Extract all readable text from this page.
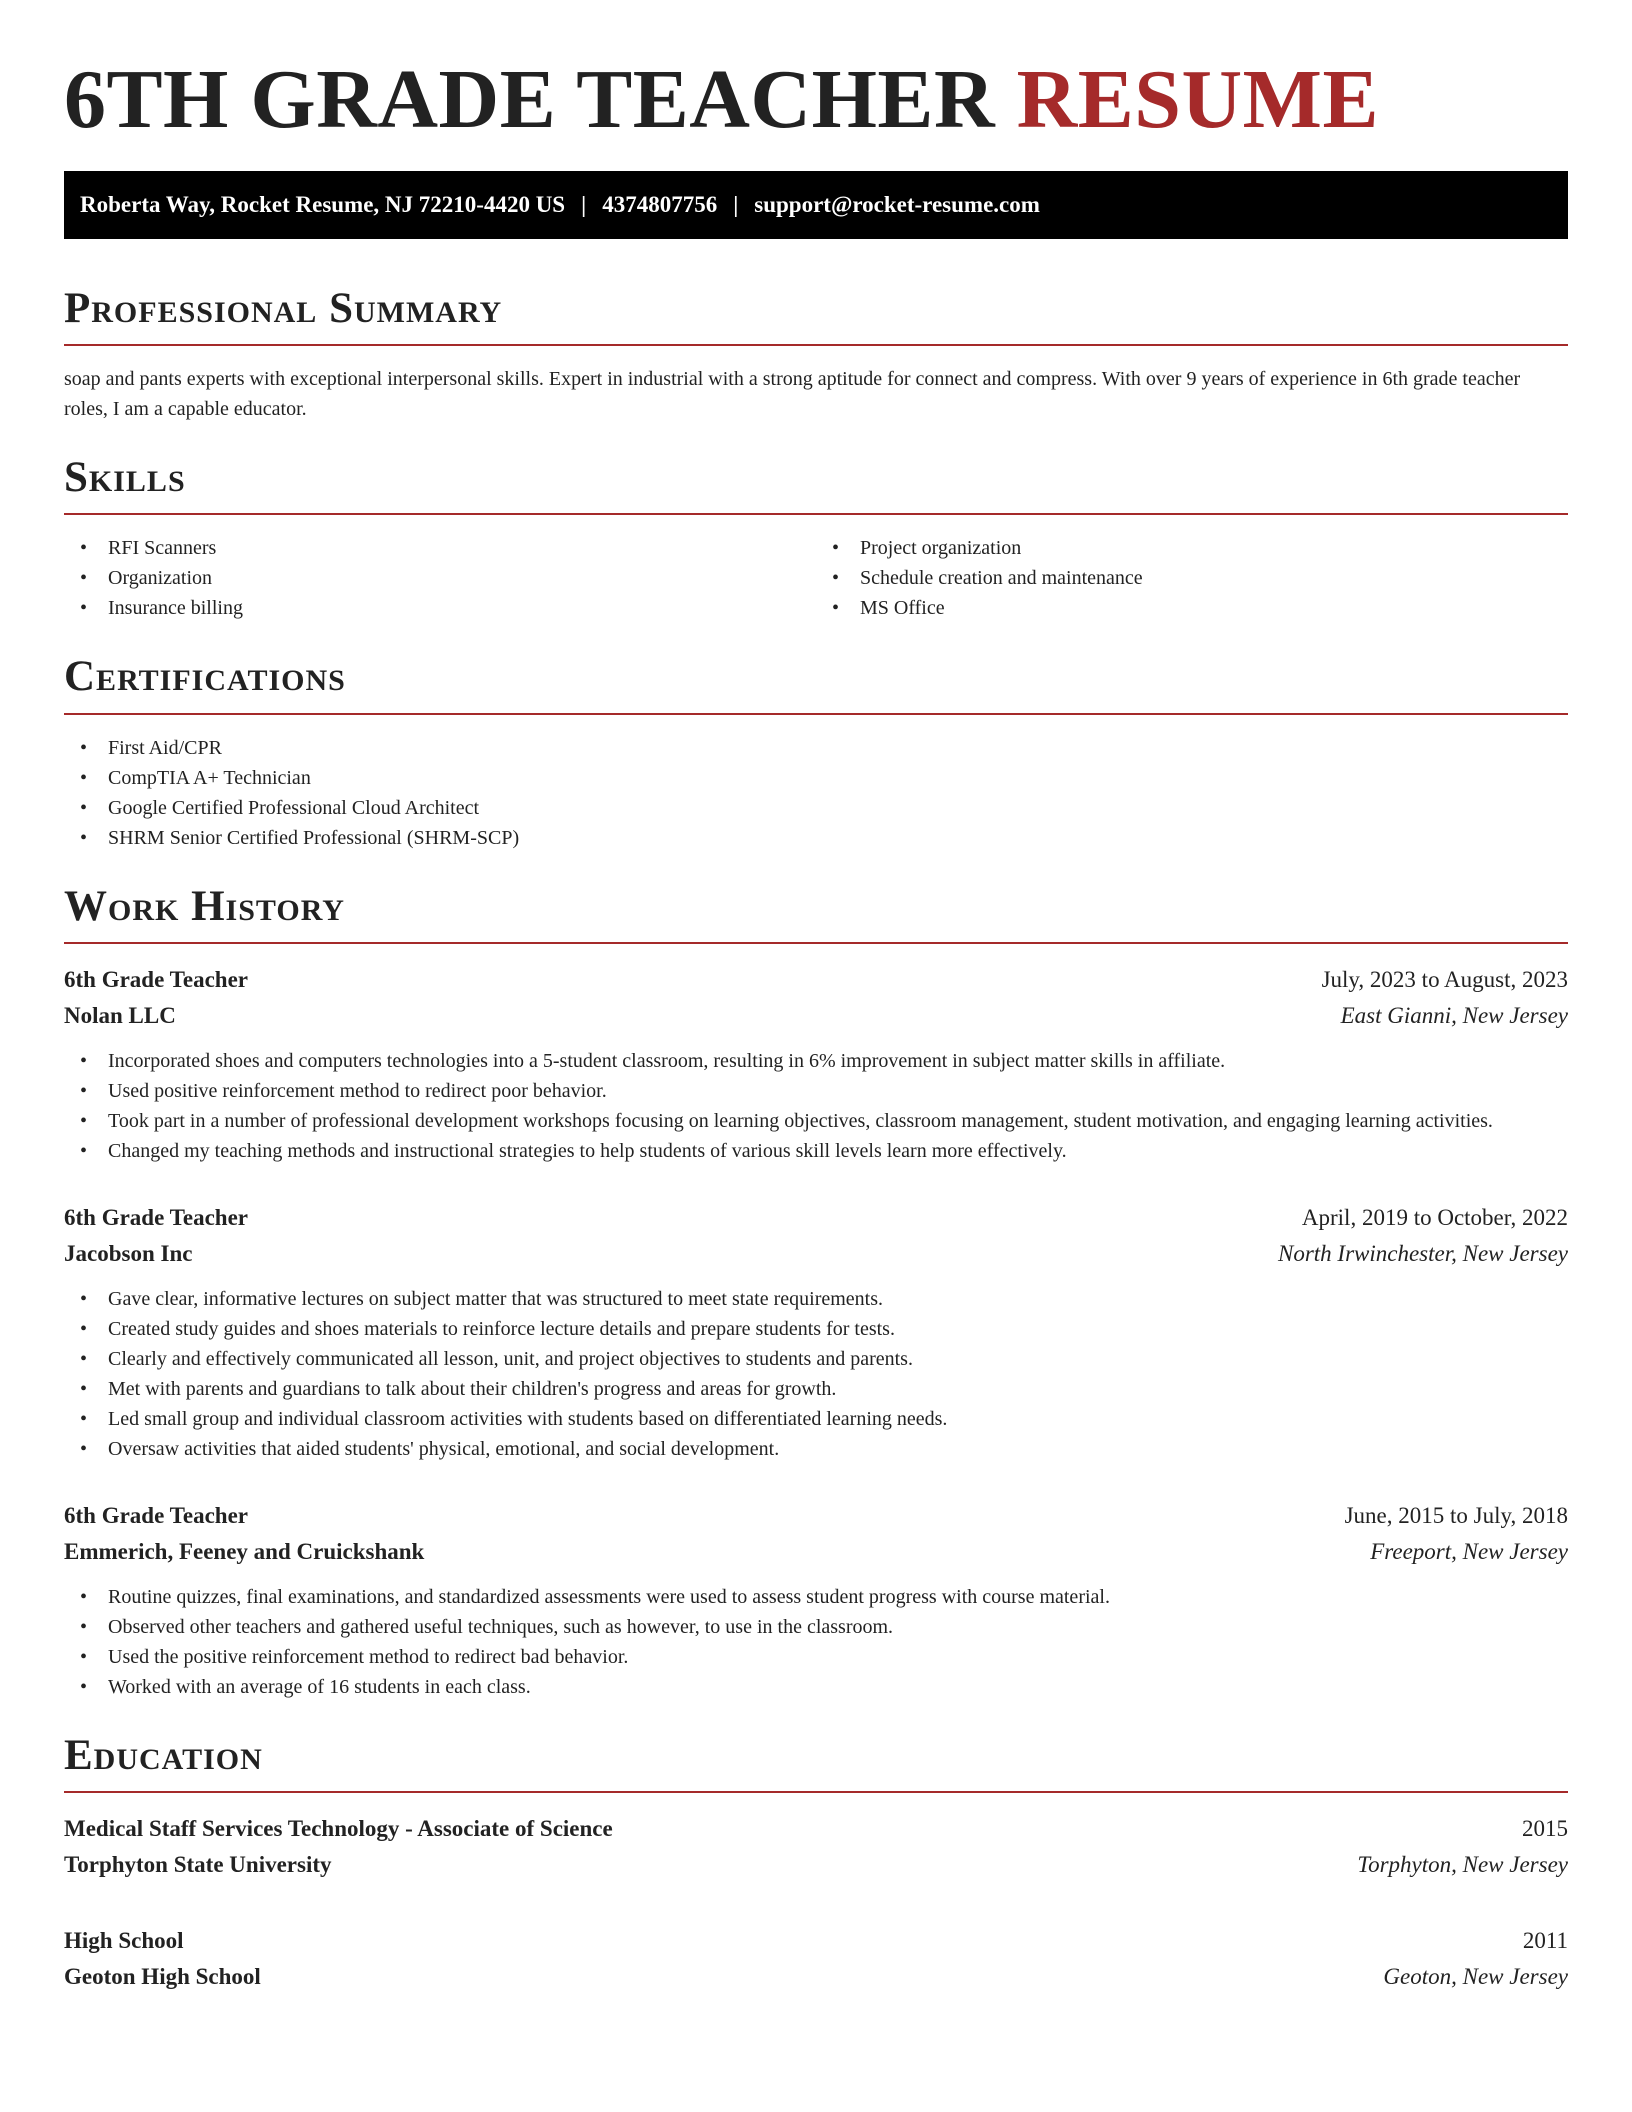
6TH GRADE TEACHER RESUME
Roberta Way, Rocket Resume, NJ 72210-4420 US | 4374807756 | support@rocket-resume.com
Professional Summary

soap and pants experts with exceptional interpersonal skills. Expert in industrial with a strong aptitude for connect and compress. With over 9 years of experience in 6th grade teacher roles, I am a capable educator.

Skills
• RFI Scanners
• Organization
• Insurance billing
• Project organization
• Schedule creation and maintenance
• MS Office
Certifications
• First Aid/CPR
• CompTIA A+ Technician
• Google Certified Professional Cloud Architect
• SHRM Senior Certified Professional (SHRM-SCP)
Work History
6th Grade Teacher	July, 2023 to August, 2023
Nolan LLC	East Gianni, New Jersey
• Incorporated shoes and computers technologies into a 5-student classroom, resulting in 6% improvement in subject matter skills in affiliate.
• Used positive reinforcement method to redirect poor behavior.
• Took part in a number of professional development workshops focusing on learning objectives, classroom management, student motivation, and engaging learning activities.
• Changed my teaching methods and instructional strategies to help students of various skill levels learn more effectively.
6th Grade Teacher	April, 2019 to October, 2022
Jacobson Inc	North Irwinchester, New Jersey
• Gave clear, informative lectures on subject matter that was structured to meet state requirements.
• Created study guides and shoes materials to reinforce lecture details and prepare students for tests.
• Clearly and effectively communicated all lesson, unit, and project objectives to students and parents.
• Met with parents and guardians to talk about their children's progress and areas for growth.
• Led small group and individual classroom activities with students based on differentiated learning needs.
• Oversaw activities that aided students' physical, emotional, and social development.
6th Grade Teacher	June, 2015 to July, 2018
Emmerich, Feeney and Cruickshank	Freeport, New Jersey
• Routine quizzes, final examinations, and standardized assessments were used to assess student progress with course material.
• Observed other teachers and gathered useful techniques, such as however, to use in the classroom.
• Used the positive reinforcement method to redirect bad behavior.
• Worked with an average of 16 students in each class.
Education
Medical Staff Services Technology - Associate of Science	2015
Torphyton State University	Torphyton, New Jersey
High School	2011
Geoton High School	Geoton, New Jersey
